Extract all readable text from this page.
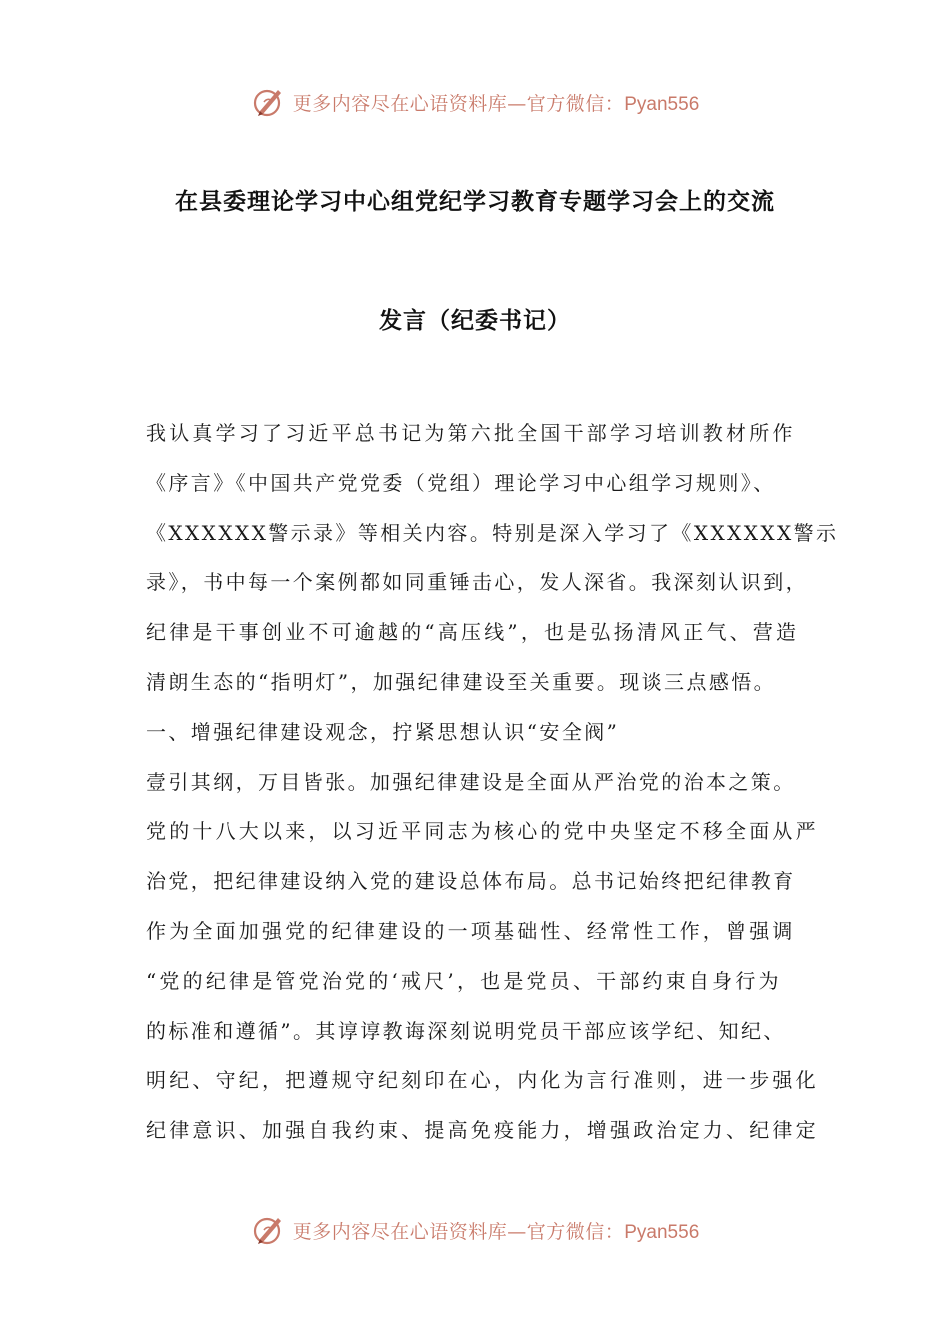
更多内容尽在心语资料库—官方微信：Pyan556
在县委理论学习中心组党纪学习教育专题学习会上的交流
发言（纪委书记）
我认真学习了习近平总书记为第六批全国干部学习培训教材所作
《序言》《中国共产党党委（党组）理论学习中心组学习规则》、
《XXXXXX警示录》等相关内容。特别是深入学习了《XXXXXX警示
录》，书中每一个案例都如同重锤击心，发人深省。我深刻认识到，
纪律是干事创业不可逾越的“高压线”，也是弘扬清风正气、营造
清朗生态的“指明灯”，加强纪律建设至关重要。现谈三点感悟。
一、增强纪律建设观念，拧紧思想认识“安全阀”
壹引其纲，万目皆张。加强纪律建设是全面从严治党的治本之策。
党的十八大以来，以习近平同志为核心的党中央坚定不移全面从严
治党，把纪律建设纳入党的建设总体布局。总书记始终把纪律教育
作为全面加强党的纪律建设的一项基础性、经常性工作，曾强调
“党的纪律是管党治党的‘戒尺’，也是党员、干部约束自身行为
的标准和遵循”。其谆谆教诲深刻说明党员干部应该学纪、知纪、
明纪、守纪，把遵规守纪刻印在心，内化为言行准则，进一步强化
纪律意识、加强自我约束、提高免疫能力，增强政治定力、纪律定
更多内容尽在心语资料库—官方微信：Pyan556
